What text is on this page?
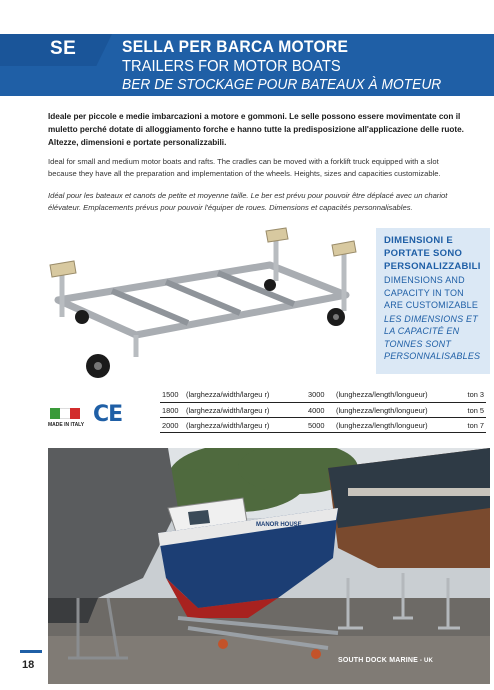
SE	SELLA PER BARCA MOTORE
TRAILERS FOR MOTOR BOATS
BER DE STOCKAGE POUR BATEAUX À MOTEUR

Ideale per piccole e medie imbarcazioni a motore e gommoni. Le selle possono essere movimentate con il muletto perché dotate di alloggiamento forche e hanno tutte la predisposizione all'applicazione delle ruote. Altezze, dimensioni e portate personalizzabili.

Ideal for small and medium motor boats and rafts. The cradles can be moved with a forklift truck equipped with a slot because they have all the preparation and implementation of the wheels. Heights, sizes and capacities customizable.

Idéal pour les bateaux et canots de petite et moyenne taille. Le ber est prévu pour pouvoir être déplacé avec un chariot élévateur. Emplacements prévus pour pouvoir l'équiper de roues. Dimensions et capacités personnalisables.

DIMENSIONI E PORTATE SONO PERSONALIZZABILI
DIMENSIONS AND CAPACITY IN TON ARE CUSTOMIZABLE
LES DIMENSIONS ET LA CAPACITÉ EN TONNES SONT PERSONNALISABLES
MADE IN ITALY CE
1500	(larghezza/width/largeu r)	3000	(lunghezza/length/longueur)	ton 3
1800	(larghezza/width/largeu r)	4000	(lunghezza/length/longueur)	ton 5
2000	(larghezza/width/largeu r)	5000	(lunghezza/length/longueur)	ton 7
MANOR HOUSE
SOUTH DOCK MARINE - UK
18
